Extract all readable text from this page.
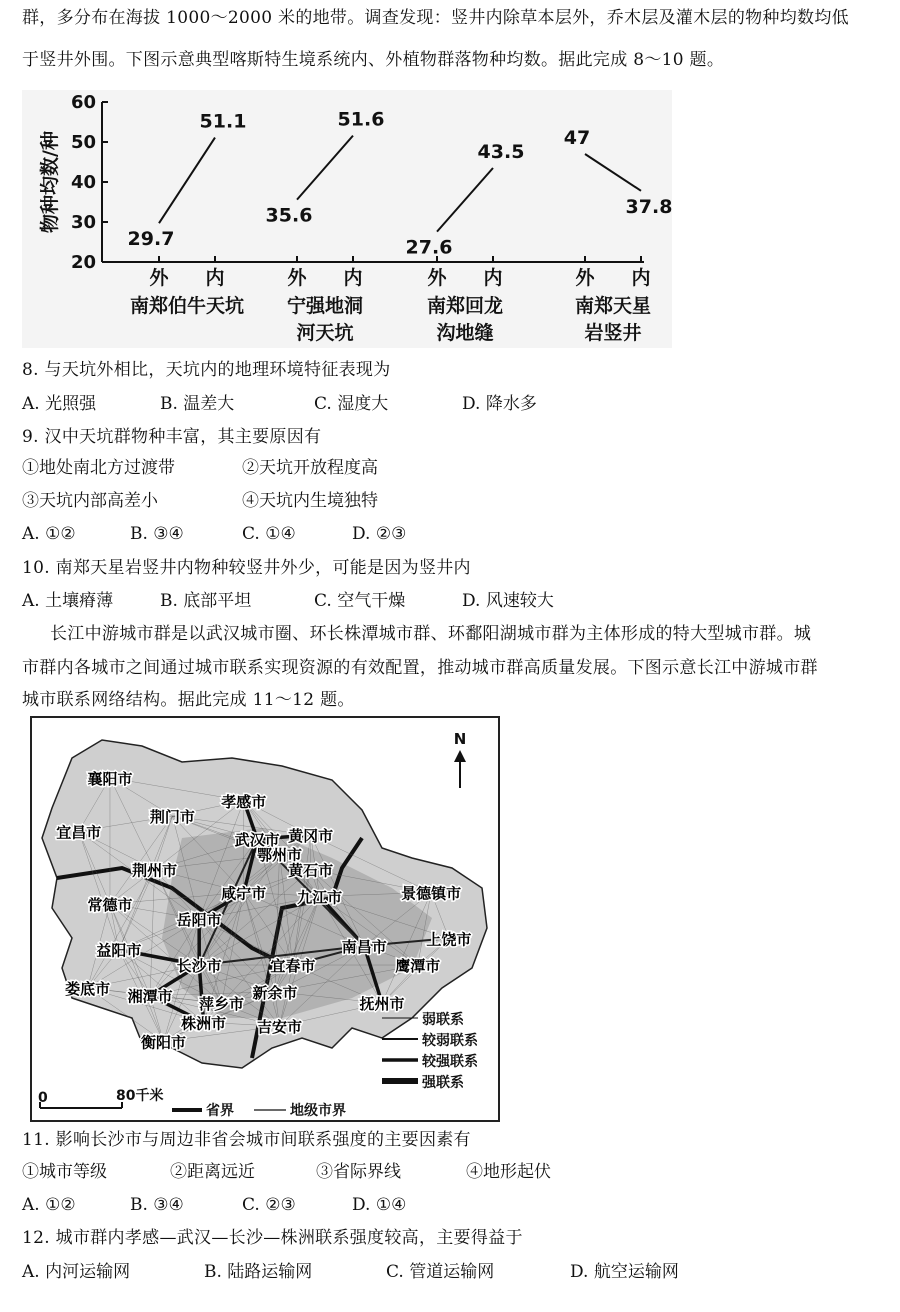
群，多分布在海拔 1000～2000 米的地带。调查发现：竖井内除草本层外，乔木层及灌木层的物种均数均低
于竖井外围。下图示意典型喀斯特生境系统内、外植物群落物种均数。据此完成 8～10 题。
20
30
40
50
60
物种均数/种
29.7
51.1
外 内
南郑伯牛天坑
35.6
51.6
外 内
宁强地洞
河天坑
27.6
43.5
外 内
南郑回龙
沟地缝
47
37.8
外 内
南郑天星
岩竖井
8. 与天坑外相比，天坑内的地理环境特征表现为
A. 光照强	B. 温差大	C. 湿度大	D. 降水多
9. 汉中天坑群物种丰富，其主要原因有
①地处南北方过渡带	②天坑开放程度高
③天坑内部高差小	④天坑内生境独特
A. ①②	B. ③④	C. ①④	D. ②③
10. 南郑天星岩竖井内物种较竖井外少，可能是因为竖井内
A. 土壤瘠薄	B. 底部平坦	C. 空气干燥	D. 风速较大
长江中游城市群是以武汉城市圈、环长株潭城市群、环鄱阳湖城市群为主体形成的特大型城市群。城
市群内各城市之间通过城市联系实现资源的有效配置，推动城市群高质量发展。下图示意长江中游城市群
城市联系网络结构。据此完成 11～12 题。
襄阳市
孝感市
荆门市
宜昌市	武汉市 黄冈市
鄂州市
荆州市	黄石市
咸宁市 九江市	景德镇市
常德市
岳阳市
益阳市	南昌市	上饶市
长沙市	宜春市	鹰潭市
娄底市 湘潭市	新余市
萍乡市	抚州市
株洲市 吉安市
衡阳市
N
弱联系
较弱联系
较强联系
强联系
0	80千米
省界	地级市界
11. 影响长沙市与周边非省会城市间联系强度的主要因素有
①城市等级	②距离远近	③省际界线	④地形起伏
A. ①②	B. ③④	C. ②③	D. ①④
12. 城市群内孝感—武汉—长沙—株洲联系强度较高，主要得益于
A. 内河运输网	B. 陆路运输网	C. 管道运输网	D. 航空运输网
